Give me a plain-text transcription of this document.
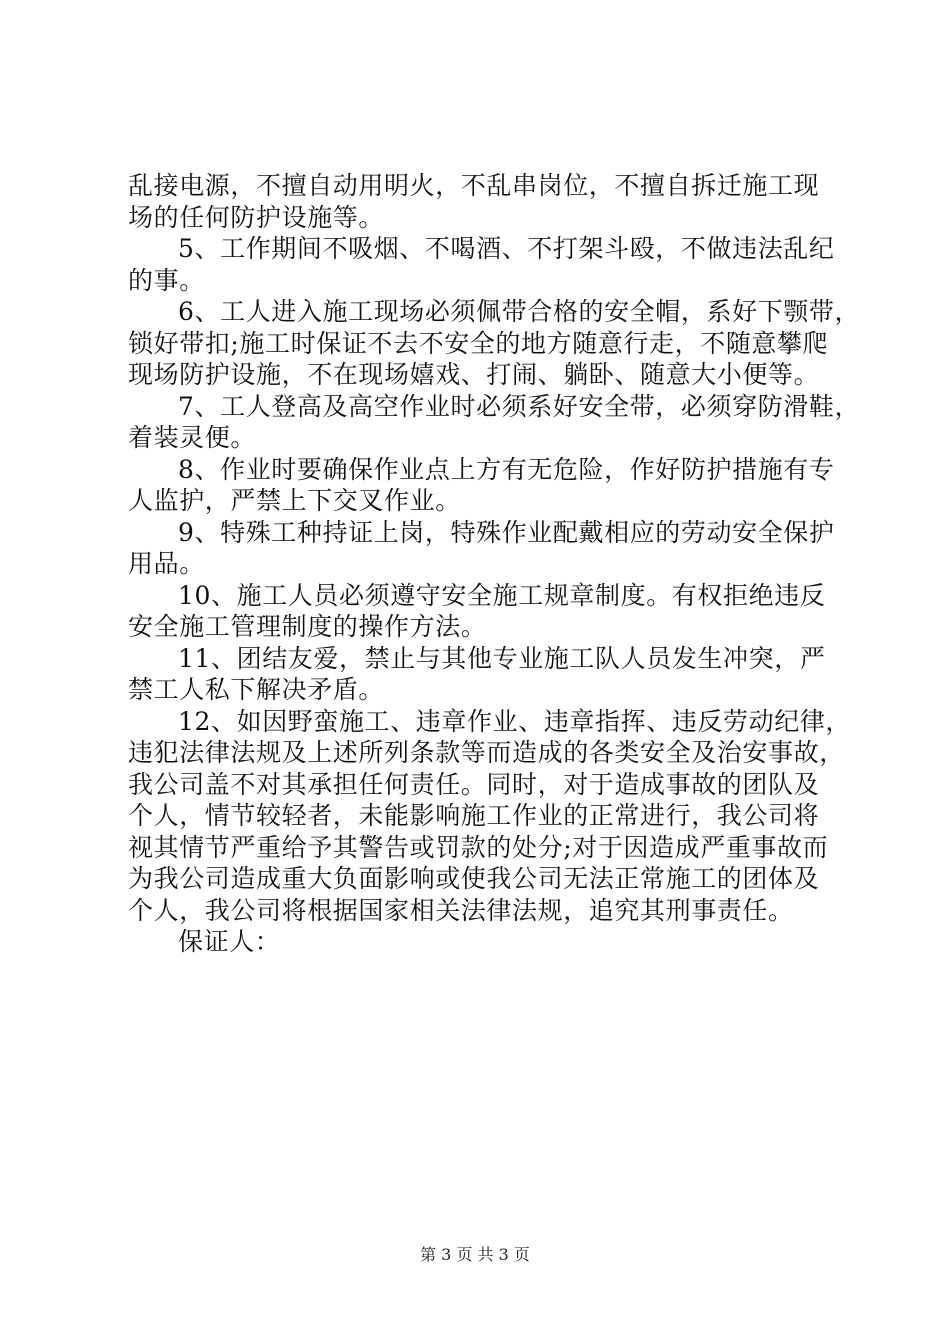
乱接电源，不擅自动用明火，不乱串岗位，不擅自拆迁施工现
场的任何防护设施等。
5、工作期间不吸烟、不喝酒、不打架斗殴，不做违法乱纪
的事。
6、工人进入施工现场必须佩带合格的安全帽，系好下颚带，
锁好带扣;施工时保证不去不安全的地方随意行走，不随意攀爬
现场防护设施，不在现场嬉戏、打闹、躺卧、随意大小便等。
7、工人登高及高空作业时必须系好安全带，必须穿防滑鞋，
着装灵便。
8、作业时要确保作业点上方有无危险，作好防护措施有专
人监护，严禁上下交叉作业。
9、特殊工种持证上岗，特殊作业配戴相应的劳动安全保护
用品。
10、施工人员必须遵守安全施工规章制度。有权拒绝违反
安全施工管理制度的操作方法。
11、团结友爱，禁止与其他专业施工队人员发生冲突，严
禁工人私下解决矛盾。
12、如因野蛮施工、违章作业、违章指挥、违反劳动纪律，
违犯法律法规及上述所列条款等而造成的各类安全及治安事故，
我公司盖不对其承担任何责任。同时，对于造成事故的团队及
个人，情节较轻者，未能影响施工作业的正常进行，我公司将
视其情节严重给予其警告或罚款的处分;对于因造成严重事故而
为我公司造成重大负面影响或使我公司无法正常施工的团体及
个人，我公司将根据国家相关法律法规，追究其刑事责任。
保证人：
第 3 页 共 3 页
